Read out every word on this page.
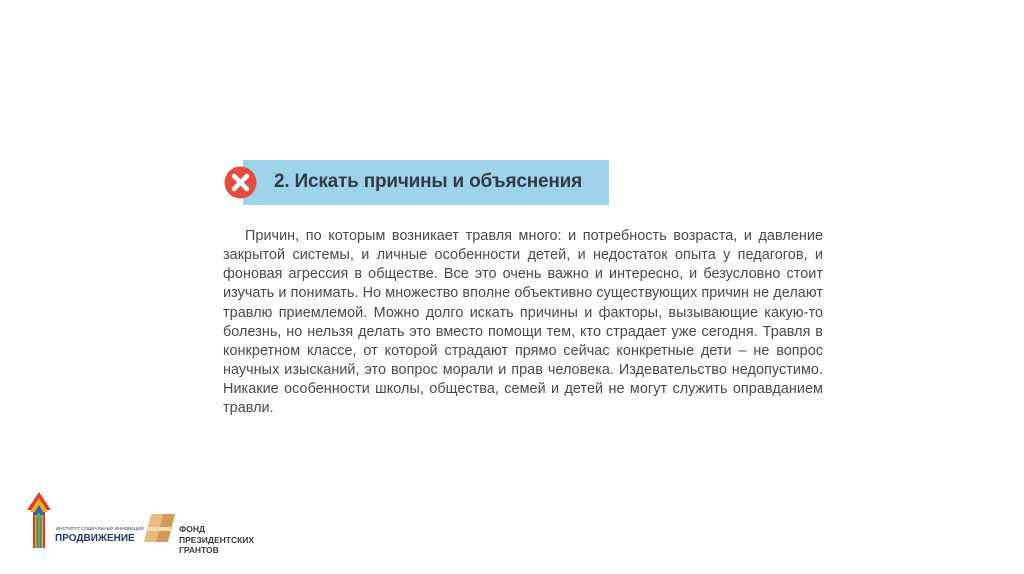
2. Искать причины и объяснения

Причин, по которым возникает травля много: и потребность возраста, и давление закрытой системы, и личные особенности детей, и недостаток опыта у педагогов, и фоновая агрессия в обществе. Все это очень важно и интересно, и безусловно стоит изучать и понимать. Но множество вполне объективно существующих причин не делают травлю приемлемой. Можно долго искать причины и факторы, вызывающие какую-то болезнь, но нельзя делать это вместо помощи тем, кто страдает уже сегодня. Травля в конкретном классе, от которой страдают прямо сейчас конкретные дети – не вопрос научных изысканий, это вопрос морали и прав человека. Издевательство недопустимо. Никакие особенности школы, общества, семей и детей не могут служить оправданием травли.

ИНСТИТУТ СОЦИАЛЬНЫХ ИННОВАЦИЙ
ПРОДВИЖЕНИЕ
ФОНД
ПРЕЗИДЕНТСКИХ
ГРАНТОВ
